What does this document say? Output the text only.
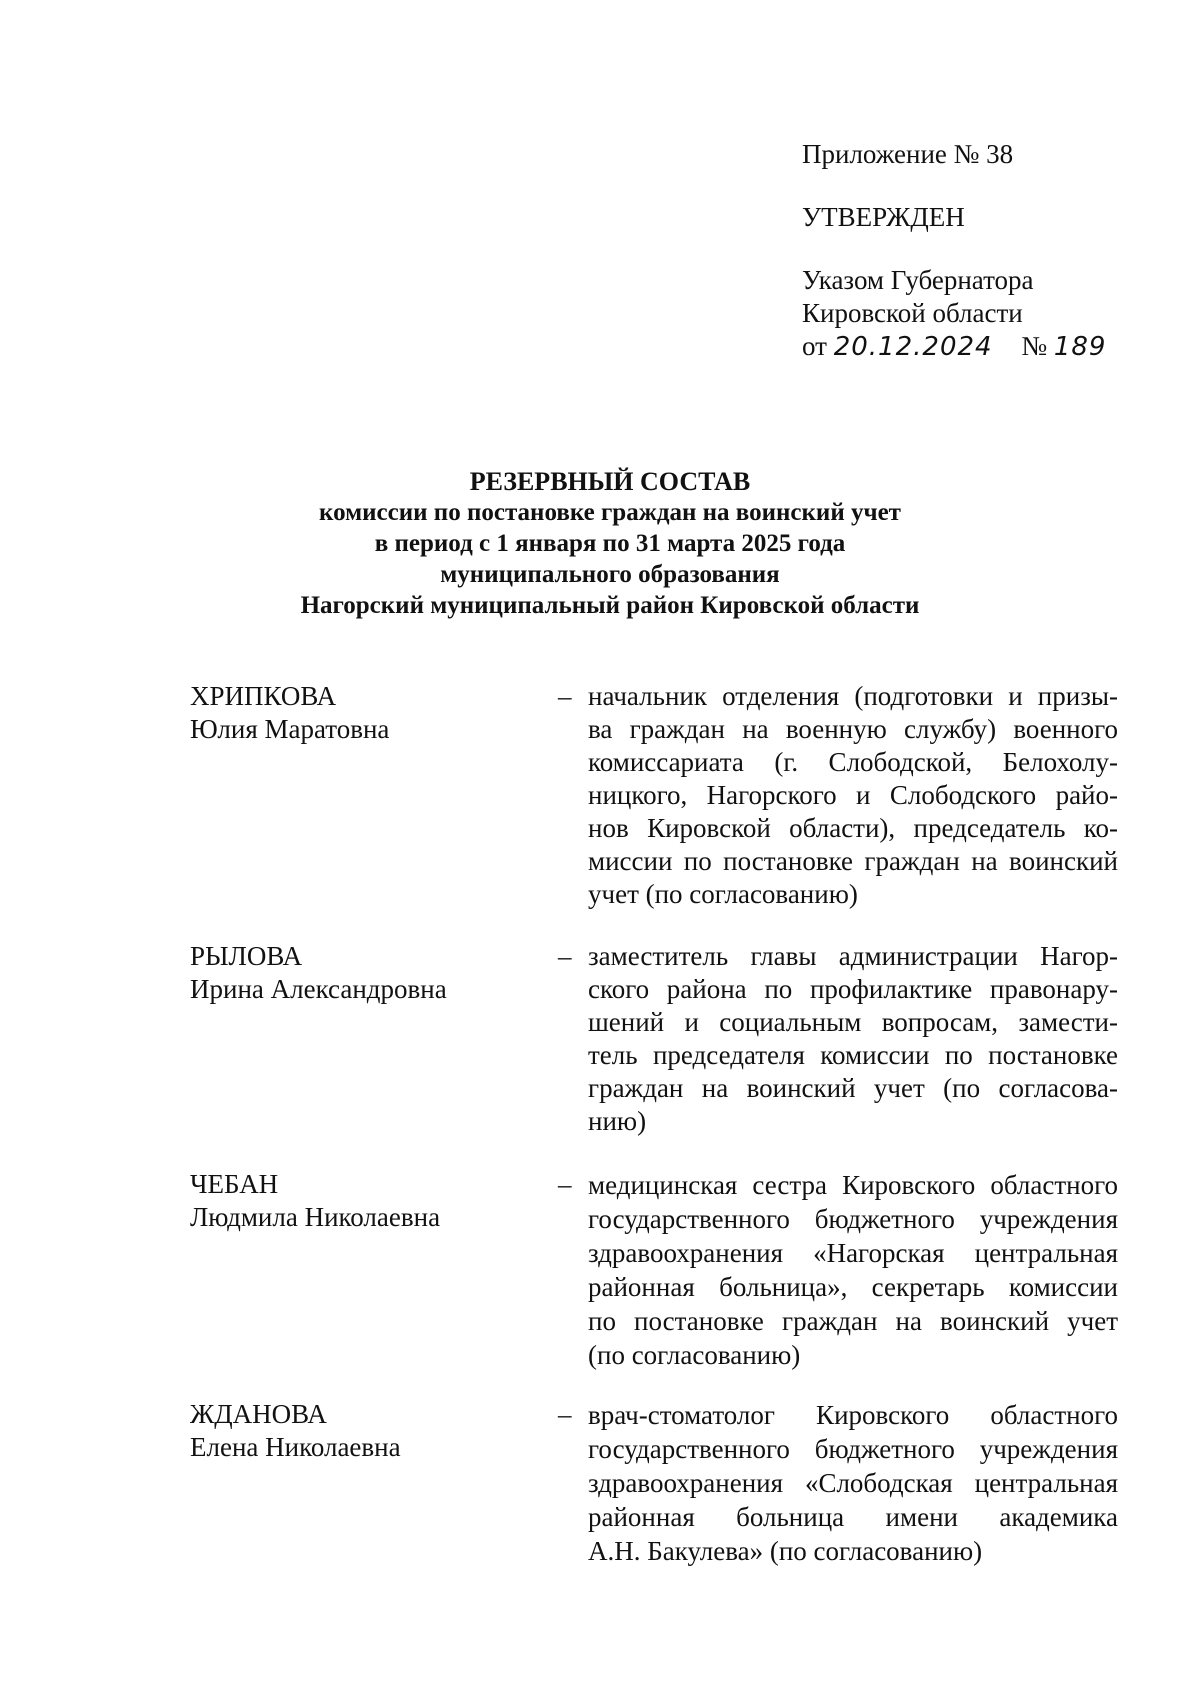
Приложение № 38
УТВЕРЖДЕН
Указом Губернатора
Кировской области
от 20.12.2024 № 189
РЕЗЕРВНЫЙ СОСТАВ
комиссии по постановке граждан на воинский учет
в период с 1 января по 31 марта 2025 года
муниципального образования
Нагорский муниципальный район Кировской области
ХРИПКОВА
Юлия Маратовна
– начальник отделения (подготовки и призы-
ва граждан на военную службу) военного
комиссариата (г. Слободской, Белохолу-
ницкого, Нагорского и Слободского райо-
нов Кировской области), председатель ко-
миссии по постановке граждан на воинский
учет (по согласованию)
РЫЛОВА
Ирина Александровна
– заместитель главы администрации Нагор-
ского района по профилактике правонару-
шений и социальным вопросам, замести-
тель председателя комиссии по постановке
граждан на воинский учет (по согласова-
нию)
ЧЕБАН
Людмила Николаевна
– медицинская сестра Кировского областного
государственного бюджетного учреждения
здравоохранения «Нагорская центральная
районная больница», секретарь комиссии
по постановке граждан на воинский учет
(по согласованию)
ЖДАНОВА
Елена Николаевна
– врач-стоматолог Кировского областного
государственного бюджетного учреждения
здравоохранения «Слободская центральная
районная больница имени академика
А.Н. Бакулева» (по согласованию)
